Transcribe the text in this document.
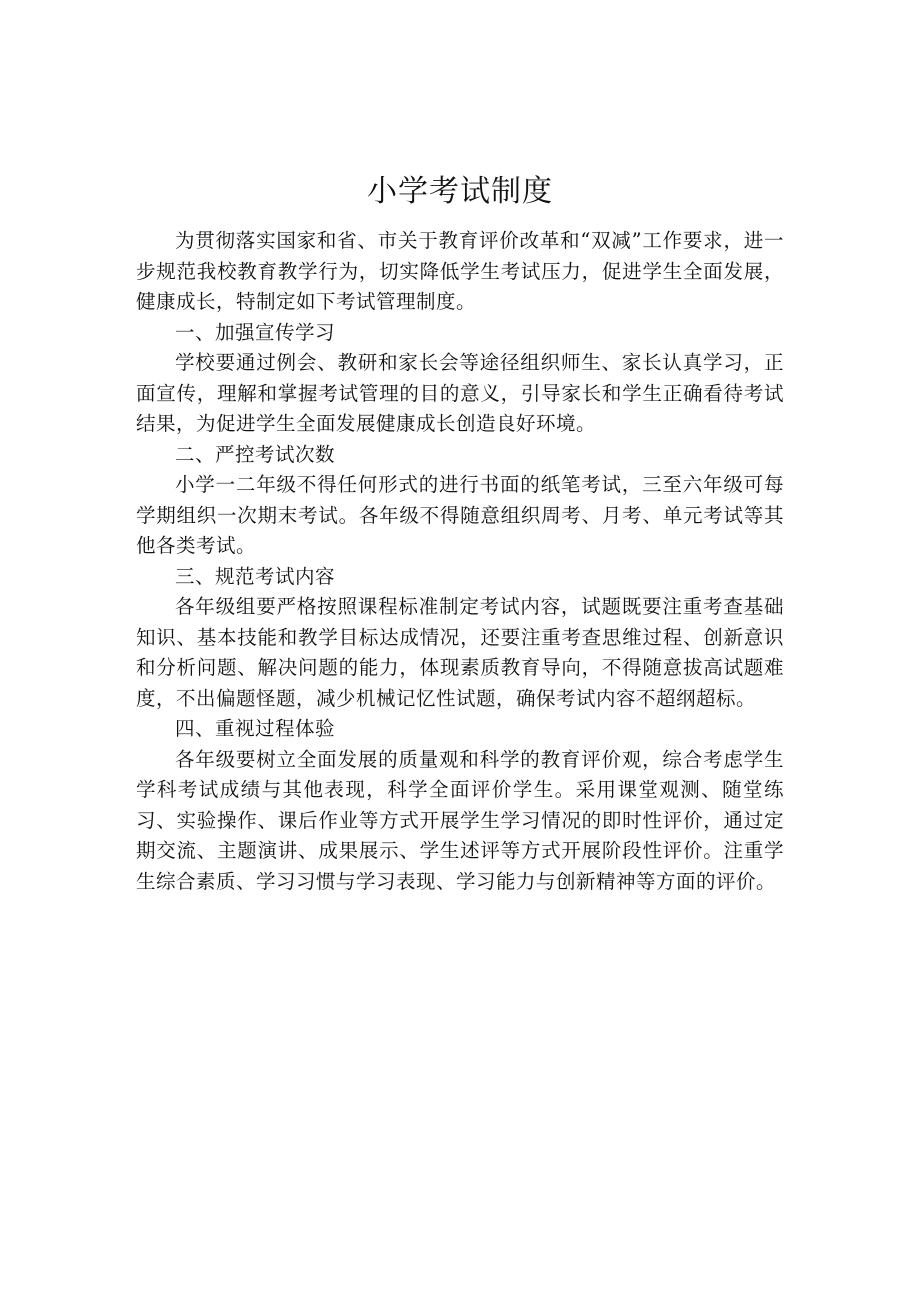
小学考试制度

为贯彻落实国家和省、市关于教育评价改革和“双减”工作要求，进一步规范我校教育教学行为，切实降低学生考试压力，促进学生全面发展，健康成长，特制定如下考试管理制度。

一、加强宣传学习

学校要通过例会、教研和家长会等途径组织师生、家长认真学习，正面宣传，理解和掌握考试管理的目的意义，引导家长和学生正确看待考试结果，为促进学生全面发展健康成长创造良好环境。

二、严控考试次数

小学一二年级不得任何形式的进行书面的纸笔考试，三至六年级可每学期组织一次期末考试。各年级不得随意组织周考、月考、单元考试等其他各类考试。

三、规范考试内容

各年级组要严格按照课程标准制定考试内容，试题既要注重考查基础知识、基本技能和教学目标达成情况，还要注重考查思维过程、创新意识和分析问题、解决问题的能力，体现素质教育导向，不得随意拔高试题难度，不出偏题怪题，减少机械记忆性试题，确保考试内容不超纲超标。

四、重视过程体验

各年级要树立全面发展的质量观和科学的教育评价观，综合考虑学生学科考试成绩与其他表现，科学全面评价学生。采用课堂观测、随堂练习、实验操作、课后作业等方式开展学生学习情况的即时性评价，通过定期交流、主题演讲、成果展示、学生述评等方式开展阶段性评价。注重学生综合素质、学习习惯与学习表现、学习能力与创新精神等方面的评价。
